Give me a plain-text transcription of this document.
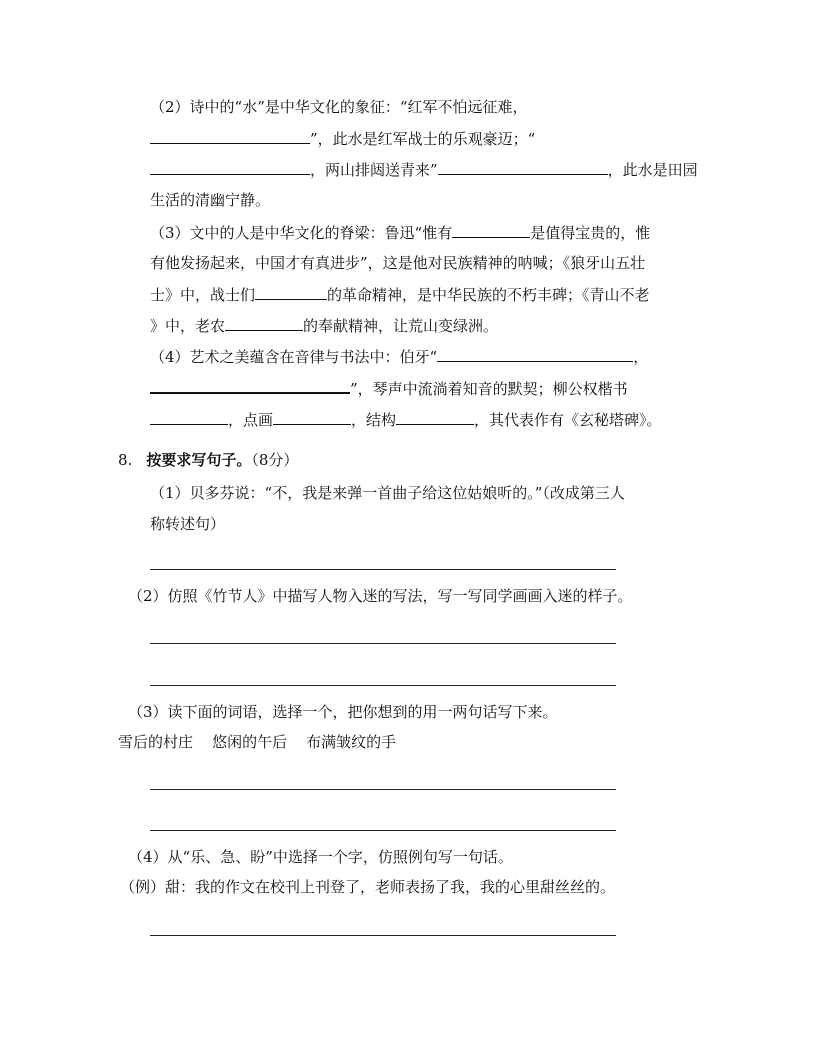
（2）诗中的“水”是中华文化的象征：“红军不怕远征难，
”，此水是红军战士的乐观豪迈；“
，两山排闼送青来”	，此水是田园
生活的清幽宁静。
（3）文中的人是中华文化的脊梁：鲁迅“惟有	是值得宝贵的，惟
有他发扬起来，中国才有真进步”，这是他对民族精神的呐喊；《狼牙山五壮
士》中，战士们	的革命精神，是中华民族的不朽丰碑；《青山不老
》中，老农	的奉献精神，让荒山变绿洲。
（4）艺术之美蕴含在音律与书法中：伯牙“	，
”，琴声中流淌着知音的默契；柳公权楷书
，点画	，结构	，其代表作有《玄秘塔碑》。
8. 按要求写句子。（8分）
（1）贝多芬说：“不，我是来弹一首曲子给这位姑娘听的。”（改成第三人
称转述句）
（2）仿照《竹节人》中描写人物入迷的写法，写一写同学画画入迷的样子。
（3）读下面的词语，选择一个，把你想到的用一两句话写下来。
雪后的村庄    悠闲的午后    布满皱纹的手
（4）从“乐、急、盼”中选择一个字，仿照例句写一句话。
（例）甜：我的作文在校刊上刊登了，老师表扬了我，我的心里甜丝丝的。
